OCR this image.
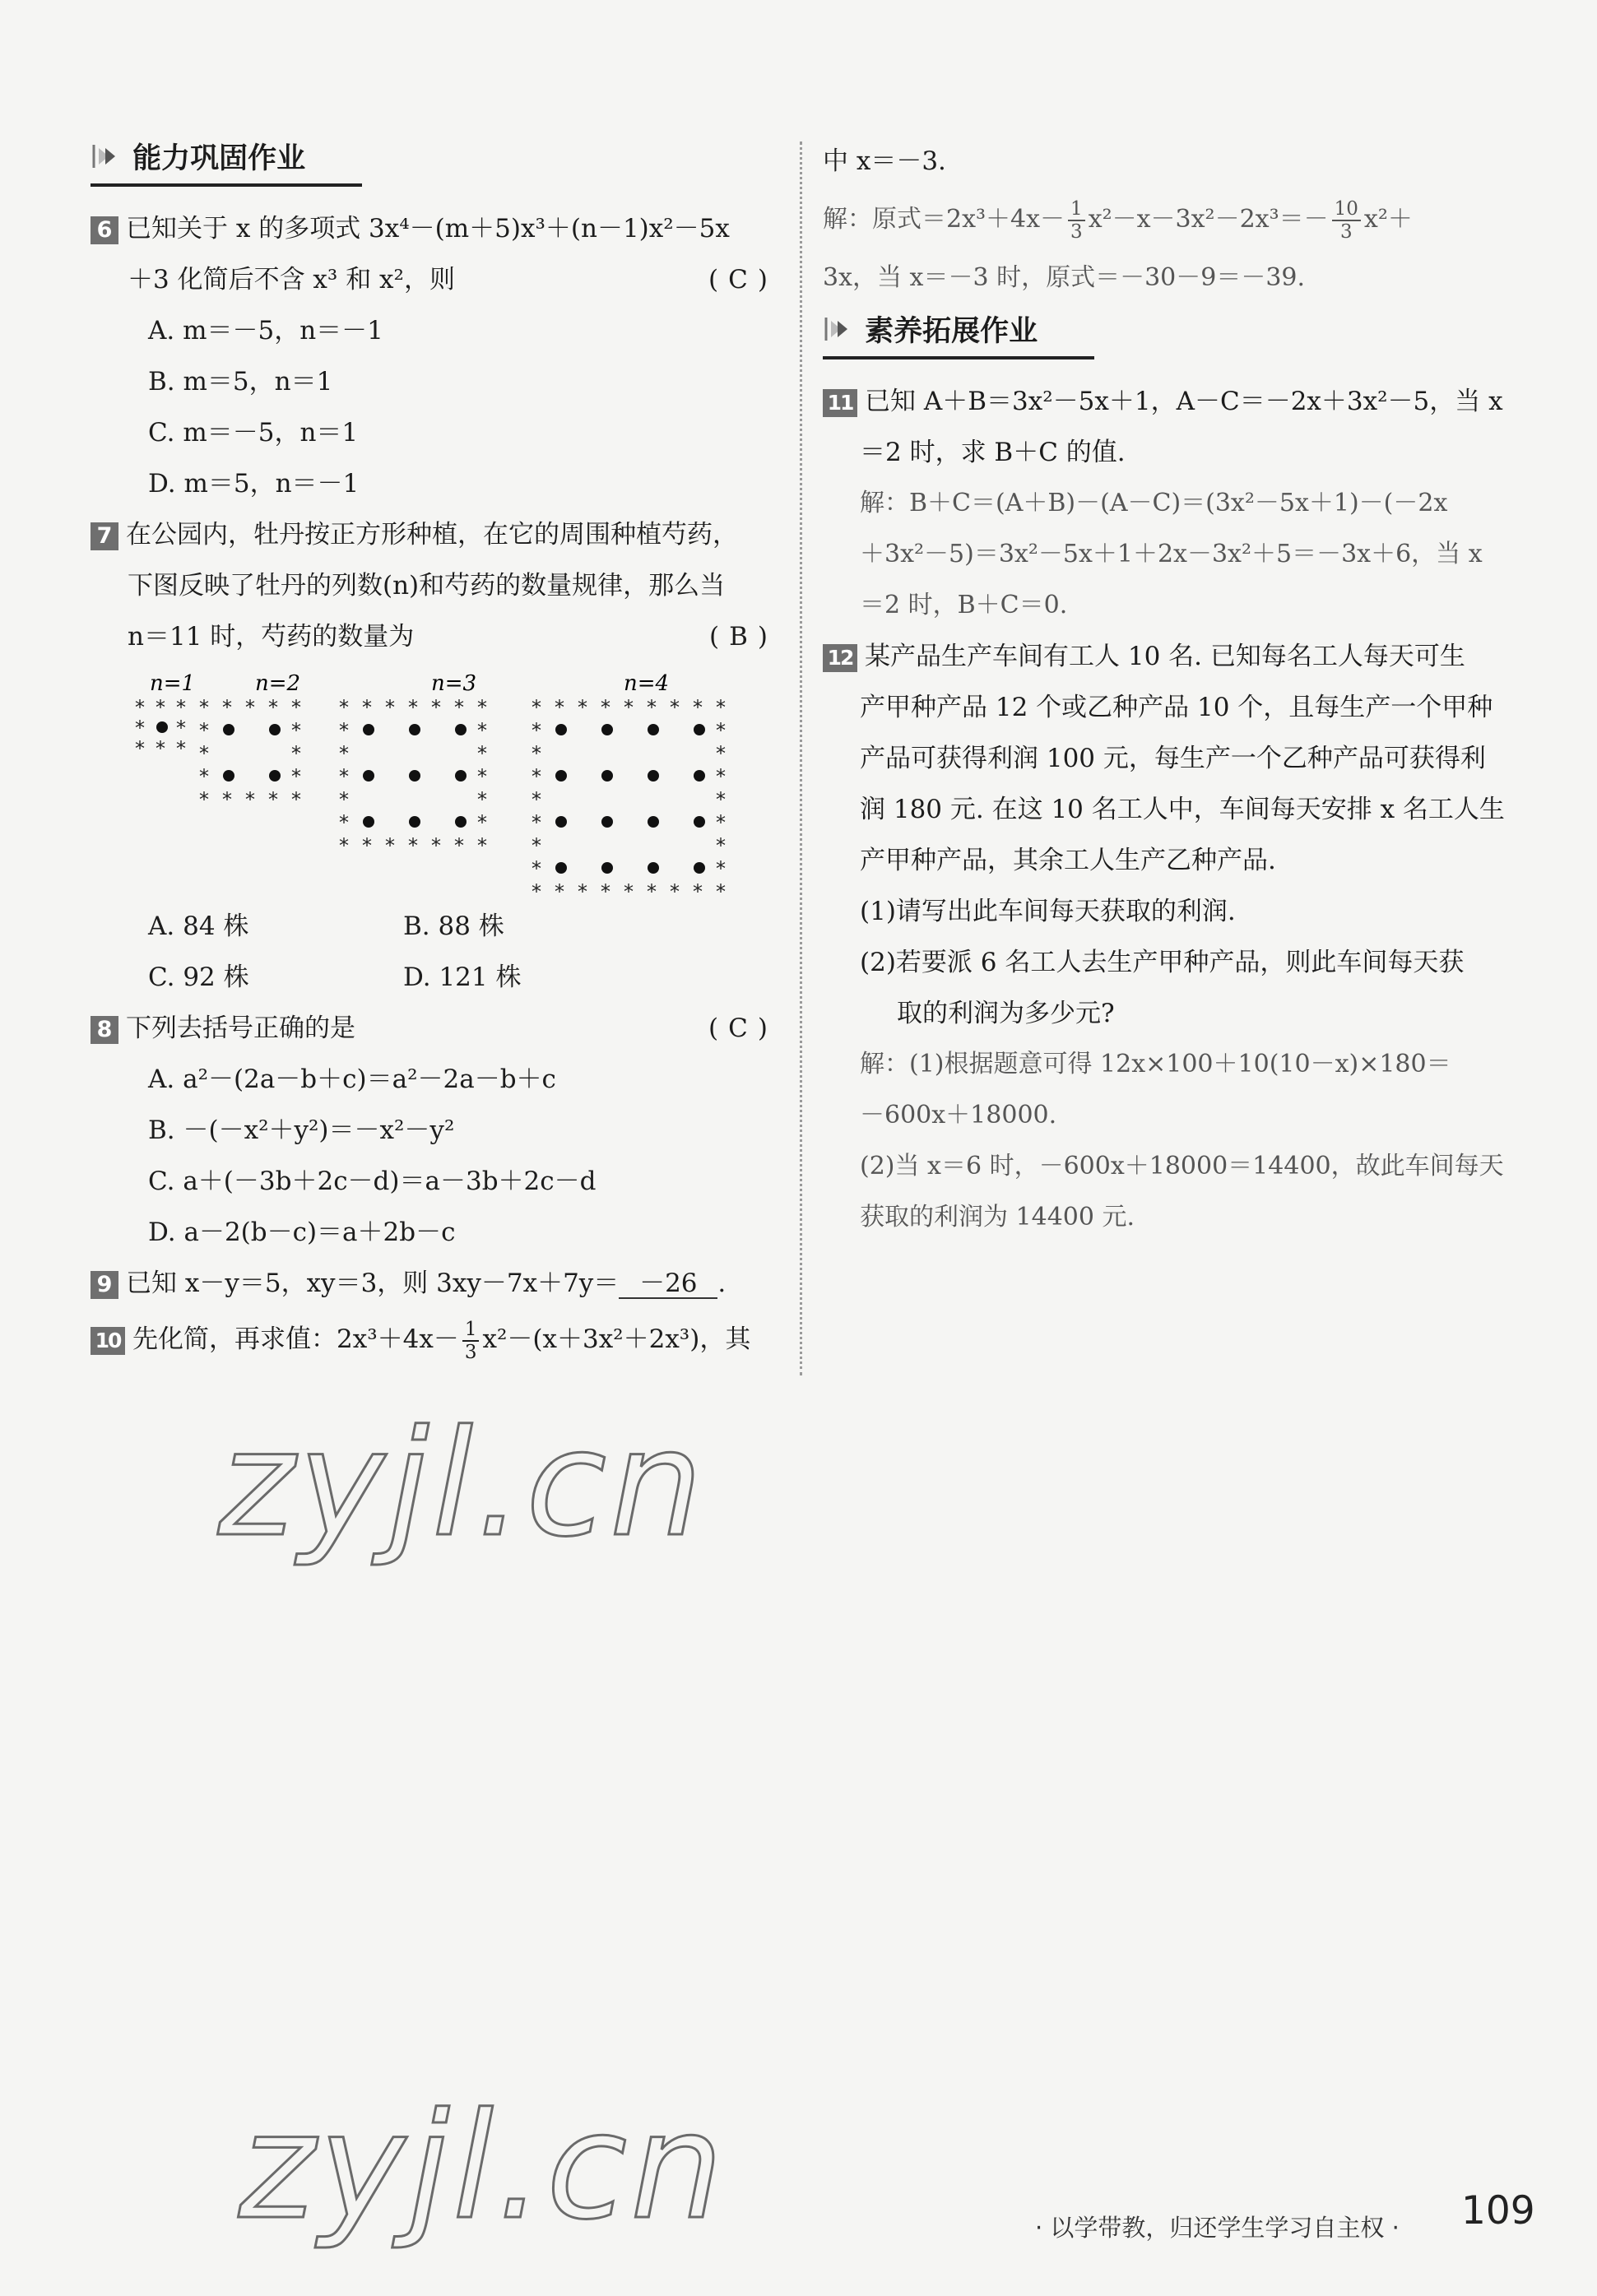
能力巩固作业
6 已知关于 x 的多项式 3x⁴－(m＋5)x³＋(n－1)x²－5x
＋3 化简后不含 x³ 和 x²，则	(C)
A. m＝－5，n＝－1
B. m＝5，n＝1
C. m＝－5，n＝1
D. m＝5，n＝－1
7 在公园内，牡丹按正方形种植，在它的周围种植芍药，
下图反映了牡丹的列数(n)和芍药的数量规律，那么当
n＝11 时，芍药的数量为	(B)
n=1	n=2	n=3	n=4
* * *
* *
* * *
* * * * *
*	*
*	*
*	*
* * * * *
* * * * * * *
*	*
*	*
*	*
*	*
*	*
* * * * * * *
* * * * * * * * *
*	*
*	*
*	*
*	*
*	*
*	*
*	*
* * * * * * * * *
A. 84 株	B. 88 株
C. 92 株	D. 121 株
8 下列去括号正确的是	(C)
A. a²－(2a－b＋c)＝a²－2a－b＋c
B. －(－x²＋y²)＝－x²－y²
C. a＋(－3b＋2c－d)＝a－3b＋2c－d
D. a－2(b－c)＝a＋2b－c
9 已知 x－y＝5，xy＝3，则 3xy－7x＋7y＝ －26 .
10 先化简，再求值：$2x^3+4x- \frac{1}{3} x^2-(x+3x^2+2x^3)$，其
中 x＝－3.
解：原式$=2x^3+4x- \frac{1}{3} x^2-x-3x^2-2x^3=- \frac{10}{3} x^2+$
3x，当 x＝－3 时，原式＝－30－9＝－39.
素养拓展作业
11 已知 A＋B＝3x²－5x＋1，A－C＝－2x＋3x²－5，当 x
＝2 时，求 B＋C 的值.
解：B＋C＝(A＋B)－(A－C)＝(3x²－5x＋1)－(－2x
＋3x²－5)＝3x²－5x＋1＋2x－3x²＋5＝－3x＋6，当 x
＝2 时，B＋C＝0.
12 某产品生产车间有工人 10 名. 已知每名工人每天可生
产甲种产品 12 个或乙种产品 10 个，且每生产一个甲种
产品可获得利润 100 元，每生产一个乙种产品可获得利
润 180 元. 在这 10 名工人中，车间每天安排 x 名工人生
产甲种产品，其余工人生产乙种产品.
(1)请写出此车间每天获取的利润.
(2)若要派 6 名工人去生产甲种产品，则此车间每天获
取的利润为多少元?
解：(1)根据题意可得 12x×100＋10(10－x)×180＝
－600x＋18000.
(2)当 x＝6 时，－600x＋18000＝14400，故此车间每天
获取的利润为 14400 元.
zyjl.cn
zyjl.cn	· 以学带教，归还学生学习自主权 · 109
